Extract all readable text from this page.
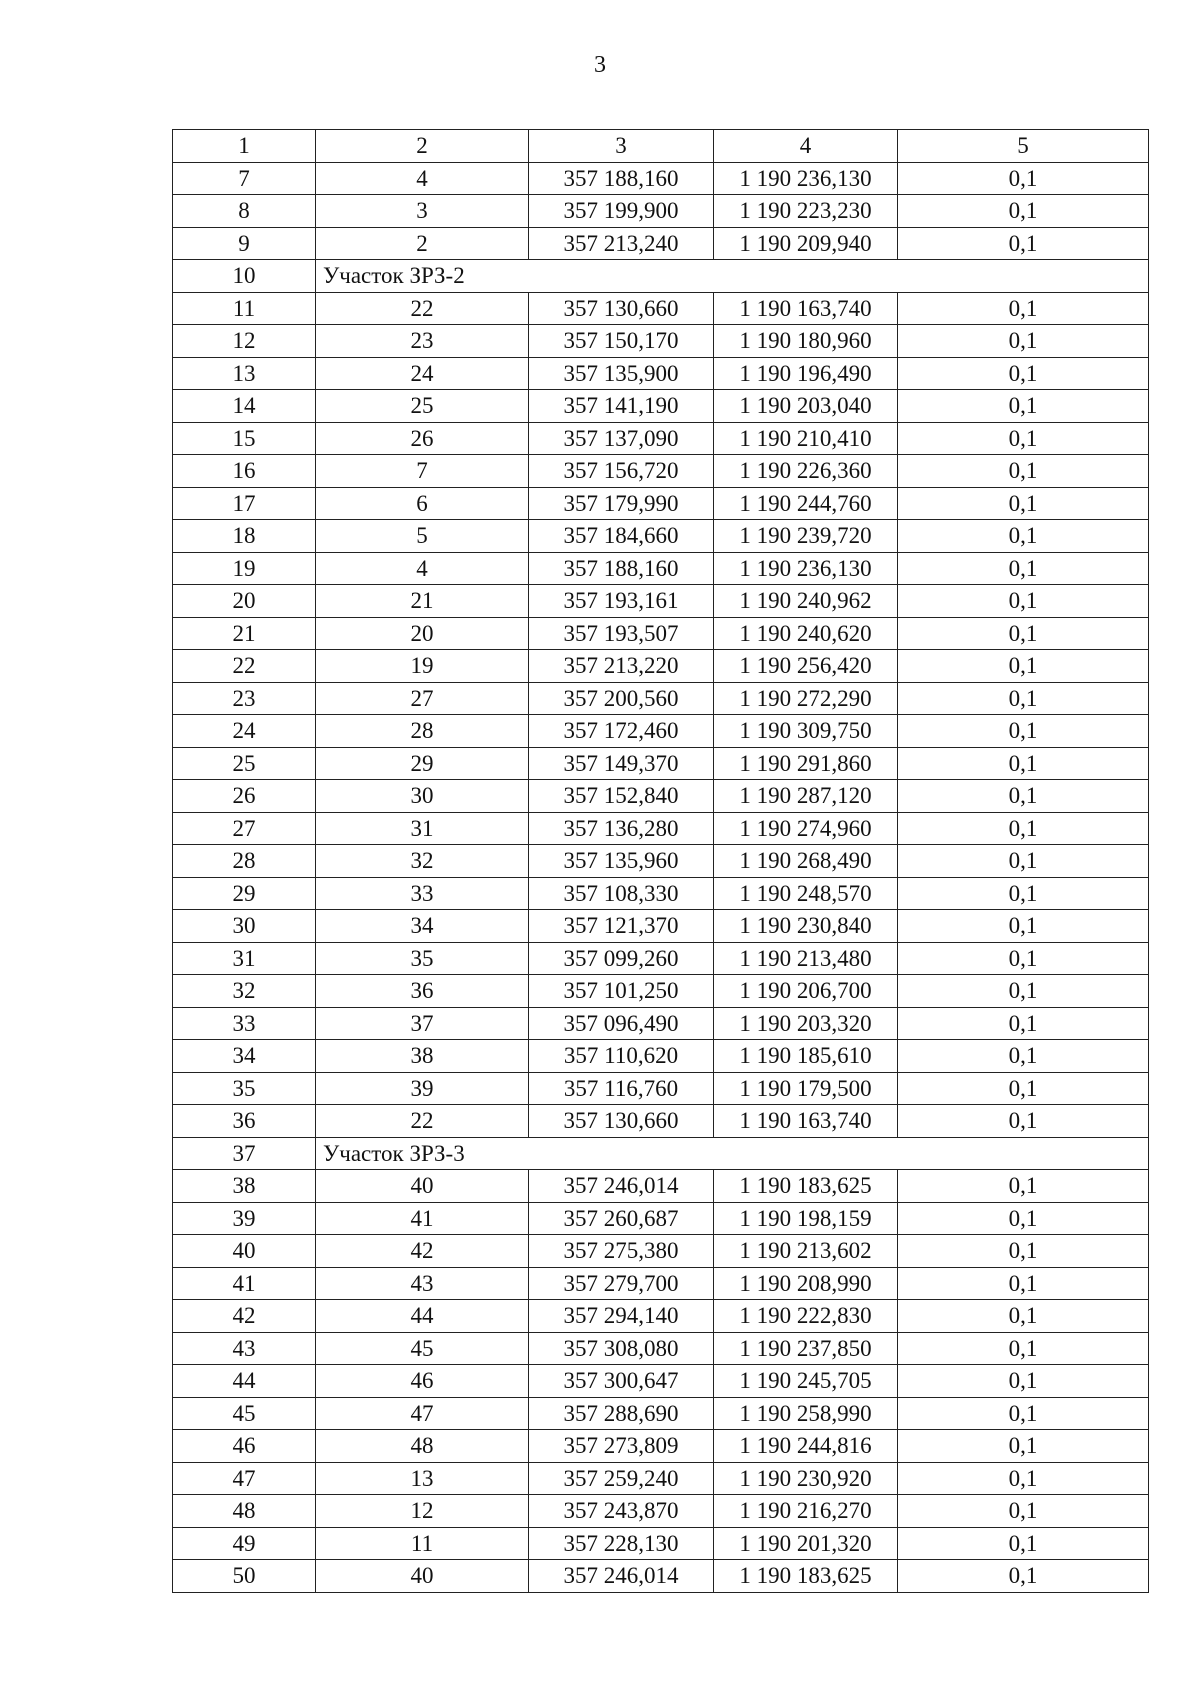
3
1	2	3	4	5
7	4	357 188,160	1 190 236,130	0,1
8	3	357 199,900	1 190 223,230	0,1
9	2	357 213,240	1 190 209,940	0,1
10	Участок ЗРЗ-2			
11	22	357 130,660	1 190 163,740	0,1
12	23	357 150,170	1 190 180,960	0,1
13	24	357 135,900	1 190 196,490	0,1
14	25	357 141,190	1 190 203,040	0,1
15	26	357 137,090	1 190 210,410	0,1
16	7	357 156,720	1 190 226,360	0,1
17	6	357 179,990	1 190 244,760	0,1
18	5	357 184,660	1 190 239,720	0,1
19	4	357 188,160	1 190 236,130	0,1
20	21	357 193,161	1 190 240,962	0,1
21	20	357 193,507	1 190 240,620	0,1
22	19	357 213,220	1 190 256,420	0,1
23	27	357 200,560	1 190 272,290	0,1
24	28	357 172,460	1 190 309,750	0,1
25	29	357 149,370	1 190 291,860	0,1
26	30	357 152,840	1 190 287,120	0,1
27	31	357 136,280	1 190 274,960	0,1
28	32	357 135,960	1 190 268,490	0,1
29	33	357 108,330	1 190 248,570	0,1
30	34	357 121,370	1 190 230,840	0,1
31	35	357 099,260	1 190 213,480	0,1
32	36	357 101,250	1 190 206,700	0,1
33	37	357 096,490	1 190 203,320	0,1
34	38	357 110,620	1 190 185,610	0,1
35	39	357 116,760	1 190 179,500	0,1
36	22	357 130,660	1 190 163,740	0,1
37	Участок ЗРЗ-3			
38	40	357 246,014	1 190 183,625	0,1
39	41	357 260,687	1 190 198,159	0,1
40	42	357 275,380	1 190 213,602	0,1
41	43	357 279,700	1 190 208,990	0,1
42	44	357 294,140	1 190 222,830	0,1
43	45	357 308,080	1 190 237,850	0,1
44	46	357 300,647	1 190 245,705	0,1
45	47	357 288,690	1 190 258,990	0,1
46	48	357 273,809	1 190 244,816	0,1
47	13	357 259,240	1 190 230,920	0,1
48	12	357 243,870	1 190 216,270	0,1
49	11	357 228,130	1 190 201,320	0,1
50	40	357 246,014	1 190 183,625	0,1
